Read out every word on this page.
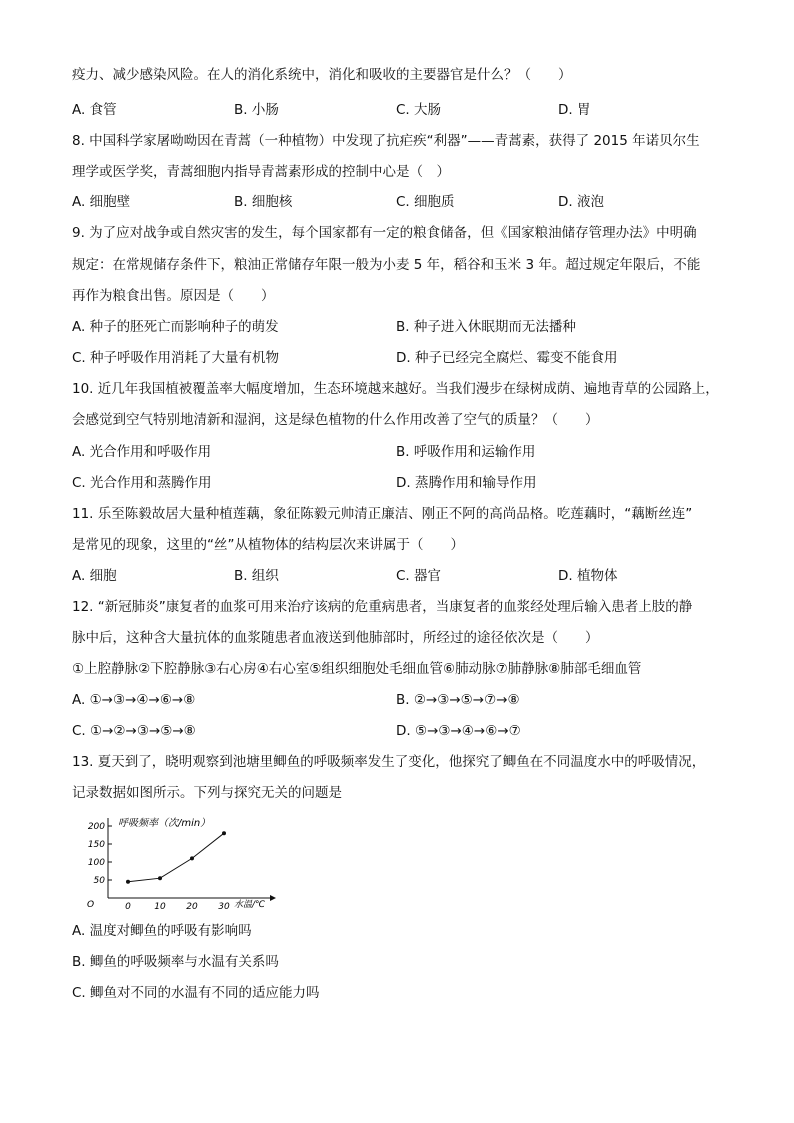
疫力、减少感染风险。在人的消化系统中，消化和吸收的主要器官是什么？（　　）
A. 食管	B. 小肠	C. 大肠	D. 胃
8. 中国科学家屠呦呦因在青蒿（一种植物）中发现了抗疟疾“利器”——青蒿素，获得了 2015 年诺贝尔生
理学或医学奖，青蒿细胞内指导青蒿素形成的控制中心是（　）
A. 细胞壁	B. 细胞核	C. 细胞质	D. 液泡
9. 为了应对战争或自然灾害的发生，每个国家都有一定的粮食储备，但《国家粮油储存管理办法》中明确
规定：在常规储存条件下，粮油正常储存年限一般为小麦 5 年，稻谷和玉米 3 年。超过规定年限后，不能
再作为粮食出售。原因是（　　）
A. 种子的胚死亡而影响种子的萌发	B. 种子进入休眠期而无法播种
C. 种子呼吸作用消耗了大量有机物	D. 种子已经完全腐烂、霉变不能食用
10. 近几年我国植被覆盖率大幅度增加，生态环境越来越好。当我们漫步在绿树成荫、遍地青草的公园路上，
会感觉到空气特别地清新和湿润，这是绿色植物的什么作用改善了空气的质量？（　　）
A. 光合作用和呼吸作用	B. 呼吸作用和运输作用
C. 光合作用和蒸腾作用	D. 蒸腾作用和输导作用
11. 乐至陈毅故居大量种植莲藕，象征陈毅元帅清正廉洁、刚正不阿的高尚品格。吃莲藕时，“藕断丝连”
是常见的现象，这里的“丝”从植物体的结构层次来讲属于（　　）
A. 细胞	B. 组织	C. 器官	D. 植物体
12. “新冠肺炎”康复者的血浆可用来治疗该病的危重病患者，当康复者的血浆经处理后输入患者上肢的静
脉中后，这种含大量抗体的血浆随患者血液送到他肺部时，所经过的途径依次是（　　）
①上腔静脉②下腔静脉③右心房④右心室⑤组织细胞处毛细血管⑥肺动脉⑦肺静脉⑧肺部毛细血管
A. ①→③→④→⑥→⑧	B. ②→③→⑤→⑦→⑧
C. ①→②→③→⑤→⑧	D. ⑤→③→④→⑥→⑦
13. 夏天到了，晓明观察到池塘里鲫鱼的呼吸频率发生了变化，他探究了鲫鱼在不同温度水中的呼吸情况，
记录数据如图所示。下列与探究无关的问题是
呼吸频率（次/min）
水温/℃
O
50
100
150
200
0	10 20 30
A. 温度对鲫鱼的呼吸有影响吗
B. 鲫鱼的呼吸频率与水温有关系吗
C. 鲫鱼对不同的水温有不同的适应能力吗
